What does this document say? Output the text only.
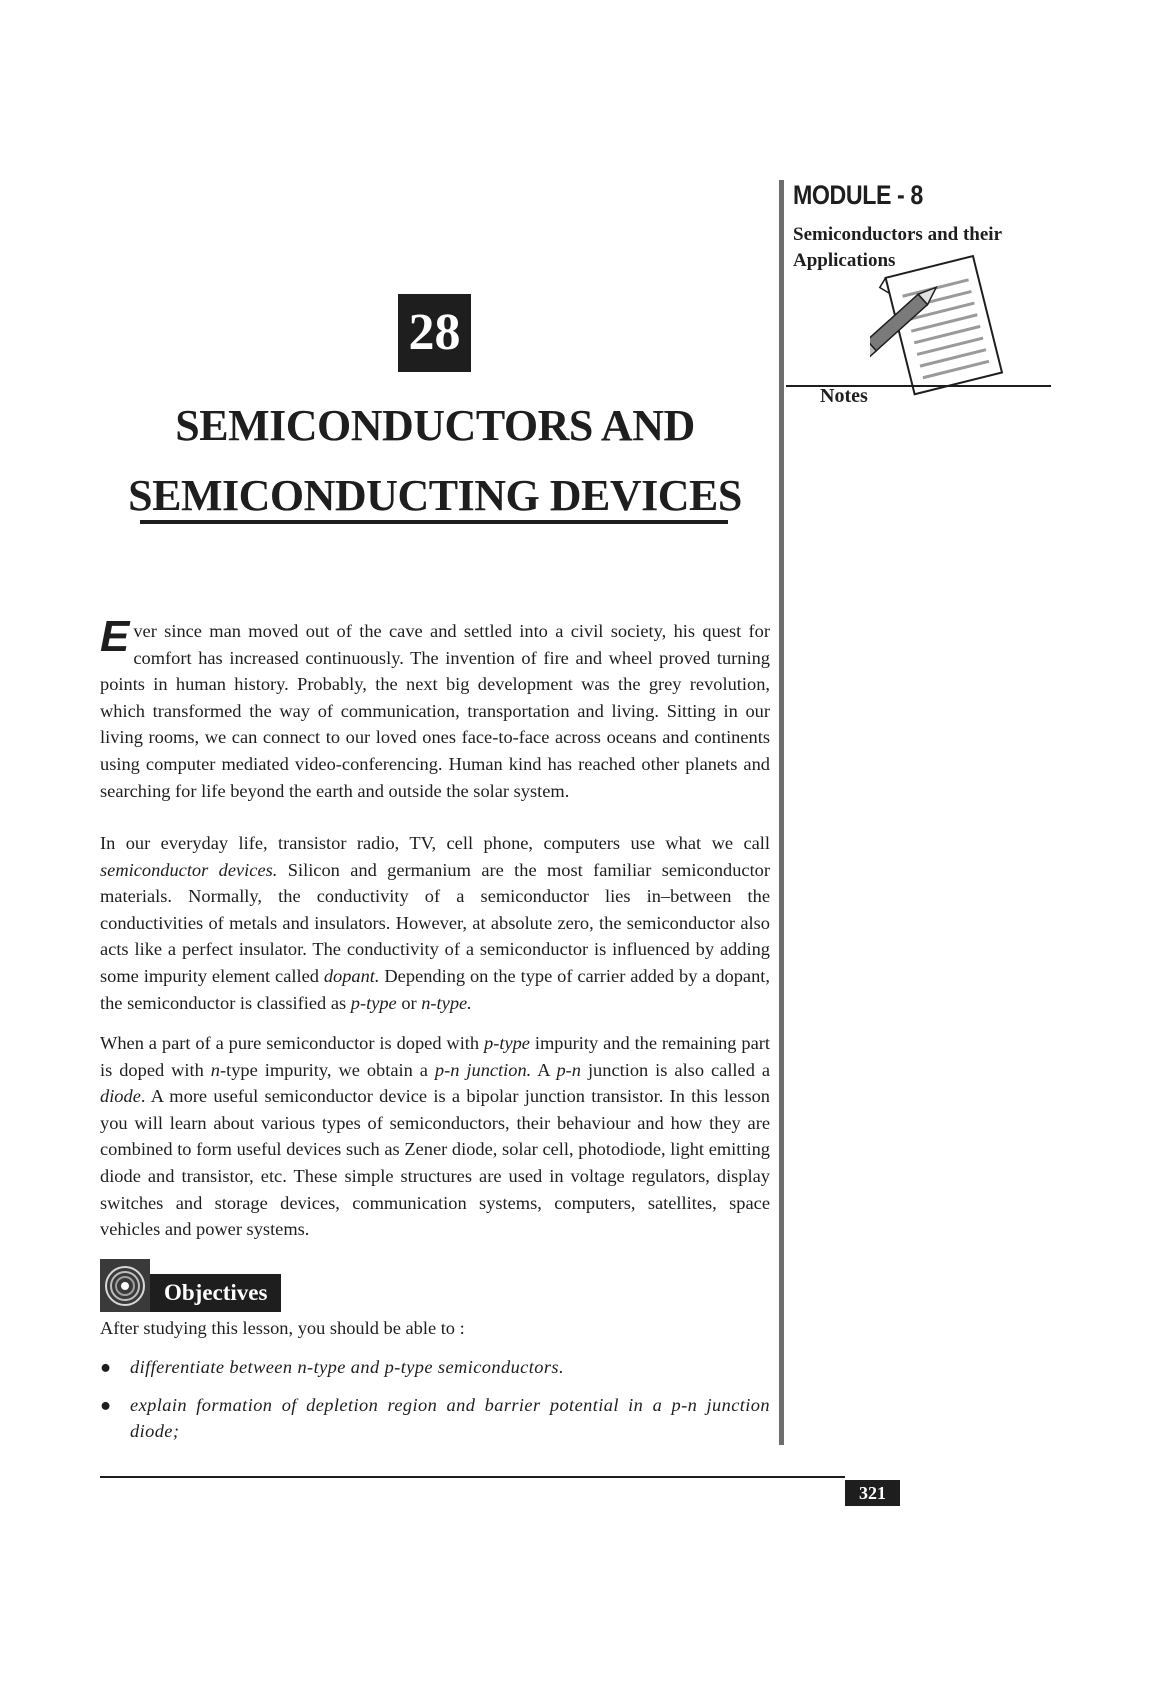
MODULE - 8
Semiconductors and their Applications
Notes
28
SEMICONDUCTORS AND
SEMICONDUCTING DEVICES

Ever since man moved out of the cave and settled into a civil society, his quest for comfort has increased continuously. The invention of fire and wheel proved turning points in human history. Probably, the next big development was the grey revolution, which transformed the way of communication, transportation and living. Sitting in our living rooms, we can connect to our loved ones face-to-face across oceans and continents using computer mediated video-conferencing. Human kind has reached other planets and searching for life beyond the earth and outside the solar system.

In our everyday life, transistor radio, TV, cell phone, computers use what we call semiconductor devices. Silicon and germanium are the most familiar semiconductor materials. Normally, the conductivity of a semiconductor lies in–between the conductivities of metals and insulators. However, at absolute zero, the semiconductor also acts like a perfect insulator. The conductivity of a semiconductor is influenced by adding some impurity element called dopant. Depending on the type of carrier added by a dopant, the semiconductor is classified as p-type or n-type.

When a part of a pure semiconductor is doped with p-type impurity and the remaining part is doped with n-type impurity, we obtain a p-n junction. A p-n junction is also called a diode. A more useful semiconductor device is a bipolar junction transistor. In this lesson you will learn about various types of semiconductors, their behaviour and how they are combined to form useful devices such as Zener diode, solar cell, photodiode, light emitting diode and transistor, etc. These simple structures are used in voltage regulators, display switches and storage devices, communication systems, computers, satellites, space vehicles and power systems.

Objectives
After studying this lesson, you should be able to :
● differentiate between n-type and p-type semiconductors.
● explain formation of depletion region and barrier potential in a p-n junction diode;
321
